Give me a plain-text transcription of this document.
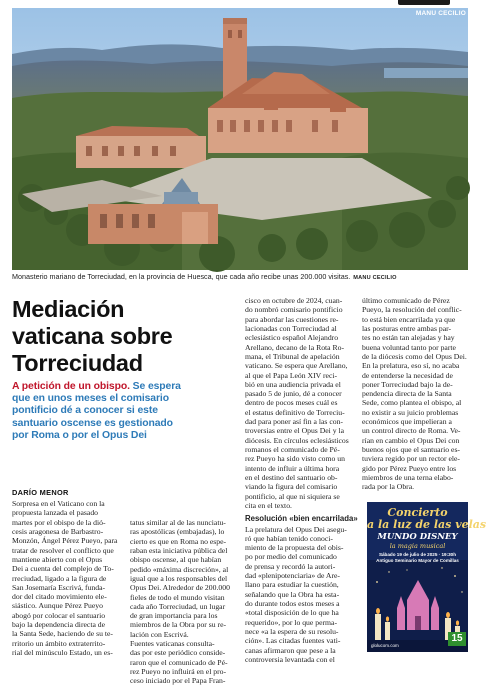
MANU CECILIO
Monasterio mariano de Torreciudad, en la provincia de Huesca, que cada año recibe unas 200.000 visitas. MANU CECILIO
Mediación
vaticana sobre
Torreciudad
A petición de un obispo. Se espera
que en unos meses el comisario
pontificio dé a conocer si este
santuario oscense es gestionado
por Roma o por el Opus Dei
DARÍO MENOR
Sorpresa en el Vaticano con la
propuesta lanzada el pasado
martes por el obispo de la dió-
cesis aragonesa de Barbastro-
Monzón, Ángel Pérez Pueyo, para
tratar de resolver el conflicto que
mantiene abierto con el Opus
Dei a cuenta del complejo de To-
rreciudad, ligado a la figura de
San Josemaría Escrivá, funda-
dor del citado movimiento ele-
siástico. Aunque Pérez Pueyo
abogó por colocar el santuario
bajo la dependencia directa de
la Santa Sede, haciendo de su te-
rritorio un ámbito extraterrito-
rial del minúsculo Estado, un es-
tatus similar al de las nunciatu-
ras apostólicas (embajadas), lo
cierto es que en Roma no espe-
raban esta iniciativa pública del
obispo oscense, al que habían
pedido «máxima discreción», al
igual que a los responsables del
Opus Dei. Alrededor de 200.000
fieles de todo el mundo visitan
cada año Torreciudad, un lugar
de gran importancia para los
miembros de la Obra por su re-
lación con Escrivá.
Fuentes vaticanas consulta-
das por este periódico conside-
raron que el comunicado de Pé-
rez Pueyo no influirá en el pro-
ceso iniciado por el Papa Fran-
cisco en octubre de 2024, cuan-
do nombró comisario pontificio
para abordar las cuestiones re-
lacionadas con Torreciudad al
eclesiástico español Alejandro
Arellano, decano de la Rota Ro-
mana, el Tribunal de apelación
vaticano. Se espera que Arellano,
al que el Papa León XIV reci-
bió en una audiencia privada el
pasado 5 de junio, dé a conocer
dentro de pocos meses cuál es
el estatus definitivo de Torreciu-
dad para poner así fin a las con-
troversias entre el Opus Dei y la
diócesis. En círculos eclesiásticos
romanos el comunicado de Pé-
rez Pueyo ha sido visto como un
intento de influir a última hora
en el destino del santuario ob-
viando la figura del comisario
pontificio, al que ni siquiera se
cita en el texto.
Resolución «bien encarrilada»
La prelatura del Opus Dei asegu-
ró que habían tenido conoci-
miento de la propuesta del obis-
po por medio del comunicado
de prensa y recordó la autori-
dad «plenipotenciaria» de Are-
llano para estudiar la cuestión,
señalando que la Obra ha esta-
do durante todos estos meses a
«total disposición de lo que ha
requerido», por lo que perma-
nece «a la espera de su resolu-
ción». Las citadas fuentes vati-
canas afirmaron que pese a la
controversia levantada con el
último comunicado de Pérez
Pueyo, la resolución del conflic-
to está bien encarrilada ya que
las posturas entre ambas par-
tes no están tan alejadas y hay
buena voluntad tanto por parte
de la diócesis como del Opus Dei.
En la prelatura, eso sí, no acaba
de entenderse la necesidad de
poner Torreciudad bajo la de-
pendencia directa de la Santa
Sede, como plantea el obispo, al
no existir a su juicio problemas
económicos que impelieran a
un control directo de Roma. Ve-
rían en cambio el Opus Dei con
buenos ojos que el santuario es-
tuviera regido por un rector ele-
gido por Pérez Pueyo entre los
miembros de una terna elabo-
rada por la Obra.
Concierto
a la luz de las velas
MUNDO DISNEY
la magia musical
Sábado 19 de julio de 2025 · 19:30h
Antiguo Seminario Mayor de Comillas
glolucom.com
15
